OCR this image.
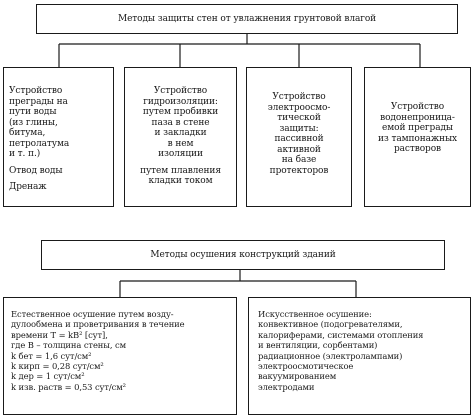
Методы защиты стен от увлажнения грунтовой влагой
Устройство
преграды на
пути воды
(из глины,
битума,
петролатума
и т. п.)
Отвод воды
Дренаж
Устройство
гидроизоляции:
путем пробивки
паза в стене
и закладки
в нем
изоляции
путем плавления
кладки током
Устройство
электроосмо-
тической
защиты:
пассивной
активной
на базе
протекторов
Устройство
водонепроница-
емой преграды
из тампонажных
растворов
Методы осушения конструкций зданий
Естественное осушение путем возду-
дулообмена и проветривания в течение
времени T = kB² [сут],
где B – толщина стены, см
k бет = 1,6 сут/см²
k кирп = 0,28 сут/см²
k дер = 1 сут/см²
k изв. раств = 0,53 сут/см²
Искусственное осушение:
конвективное (подогревателями,
калориферами, системами отопления
и вентиляции, сорбентами)
радиационное (электролампами)
электроосмотическое
вакуумированием
электродами
